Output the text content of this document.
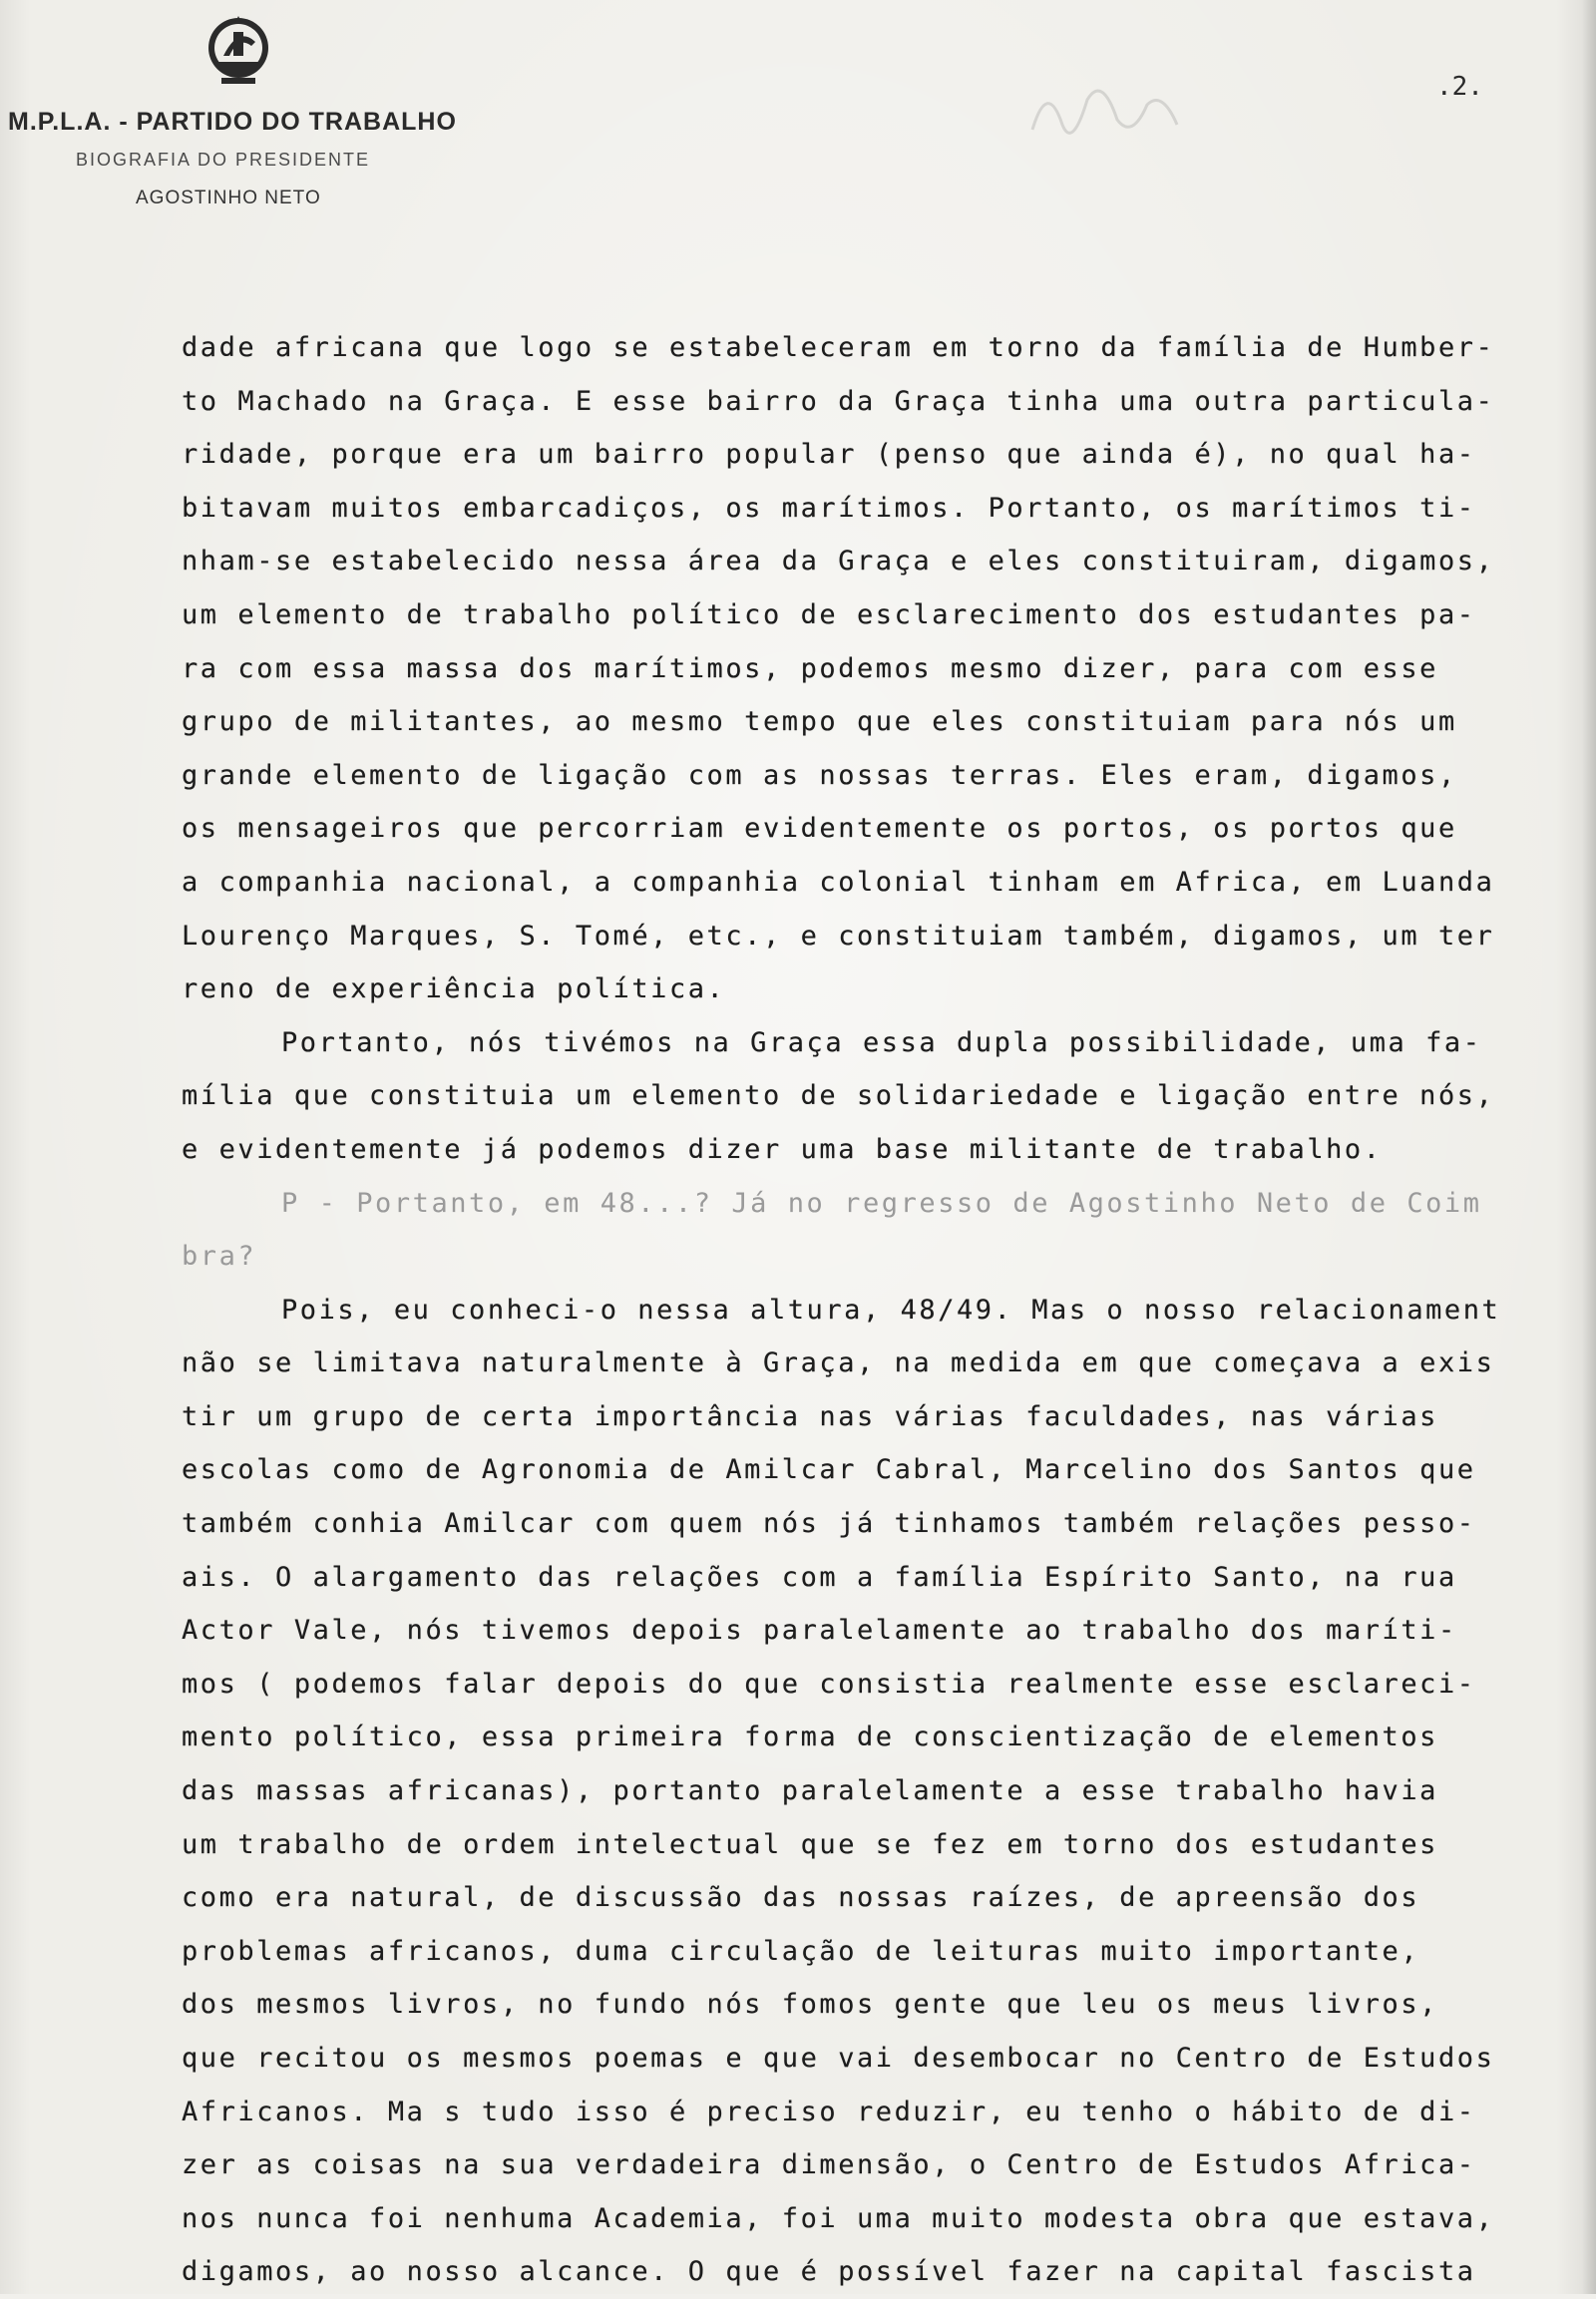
M.P.L.A. - PARTIDO DO TRABALHO
BIOGRAFIA DO PRESIDENTE
AGOSTINHO NETO
.2.
dade africana que logo se estabeleceram em torno da família de Humber-
to Machado na Graça. E esse bairro da Graça tinha uma outra particula-
ridade, porque era um bairro popular (penso que ainda é), no qual ha-
bitavam muitos embarcadiços, os marítimos. Portanto, os marítimos ti-
nham-se estabelecido nessa área da Graça e eles constituiram, digamos,
um elemento de trabalho político de esclarecimento dos estudantes pa-
ra com essa massa dos marítimos, podemos mesmo dizer, para com esse
grupo de militantes, ao mesmo tempo que eles constituiam para nós um
grande elemento de ligação com as nossas terras. Eles eram, digamos,
os mensageiros que percorriam evidentemente os portos, os portos que
a companhia nacional, a companhia colonial tinham em Africa, em Luanda
Lourenço Marques, S. Tomé, etc., e constituiam também, digamos, um ter
reno de experiência política.
Portanto, nós tivémos na Graça essa dupla possibilidade, uma fa-
mília que constituia um elemento de solidariedade e ligação entre nós,
e evidentemente já podemos dizer uma base militante de trabalho.
P - Portanto, em 48...? Já no regresso de Agostinho Neto de Coim
bra?
Pois, eu conheci-o nessa altura, 48/49. Mas o nosso relacionament
não se limitava naturalmente à Graça, na medida em que começava a exis
tir um grupo de certa importância nas várias faculdades, nas várias
escolas como de Agronomia de Amilcar Cabral, Marcelino dos Santos que
também conhia Amilcar com quem nós já tinhamos também relações pesso-
ais. O alargamento das relações com a família Espírito Santo, na rua
Actor Vale, nós tivemos depois paralelamente ao trabalho dos maríti-
mos ( podemos falar depois do que consistia realmente esse esclareci-
mento político, essa primeira forma de conscientização de elementos
das massas africanas), portanto paralelamente a esse trabalho havia
um trabalho de ordem intelectual que se fez em torno dos estudantes
como era natural, de discussão das nossas raízes, de apreensão dos
problemas africanos, duma circulação de leituras muito importante,
dos mesmos livros, no fundo nós fomos gente que leu os meus livros,
que recitou os mesmos poemas e que vai desembocar no Centro de Estudos
Africanos. Ma s tudo isso é preciso reduzir, eu tenho o hábito de di-
zer as coisas na sua verdadeira dimensão, o Centro de Estudos Africa-
nos nunca foi nenhuma Academia, foi uma muito modesta obra que estava,
digamos, ao nosso alcance. O que é possível fazer na capital fascista
